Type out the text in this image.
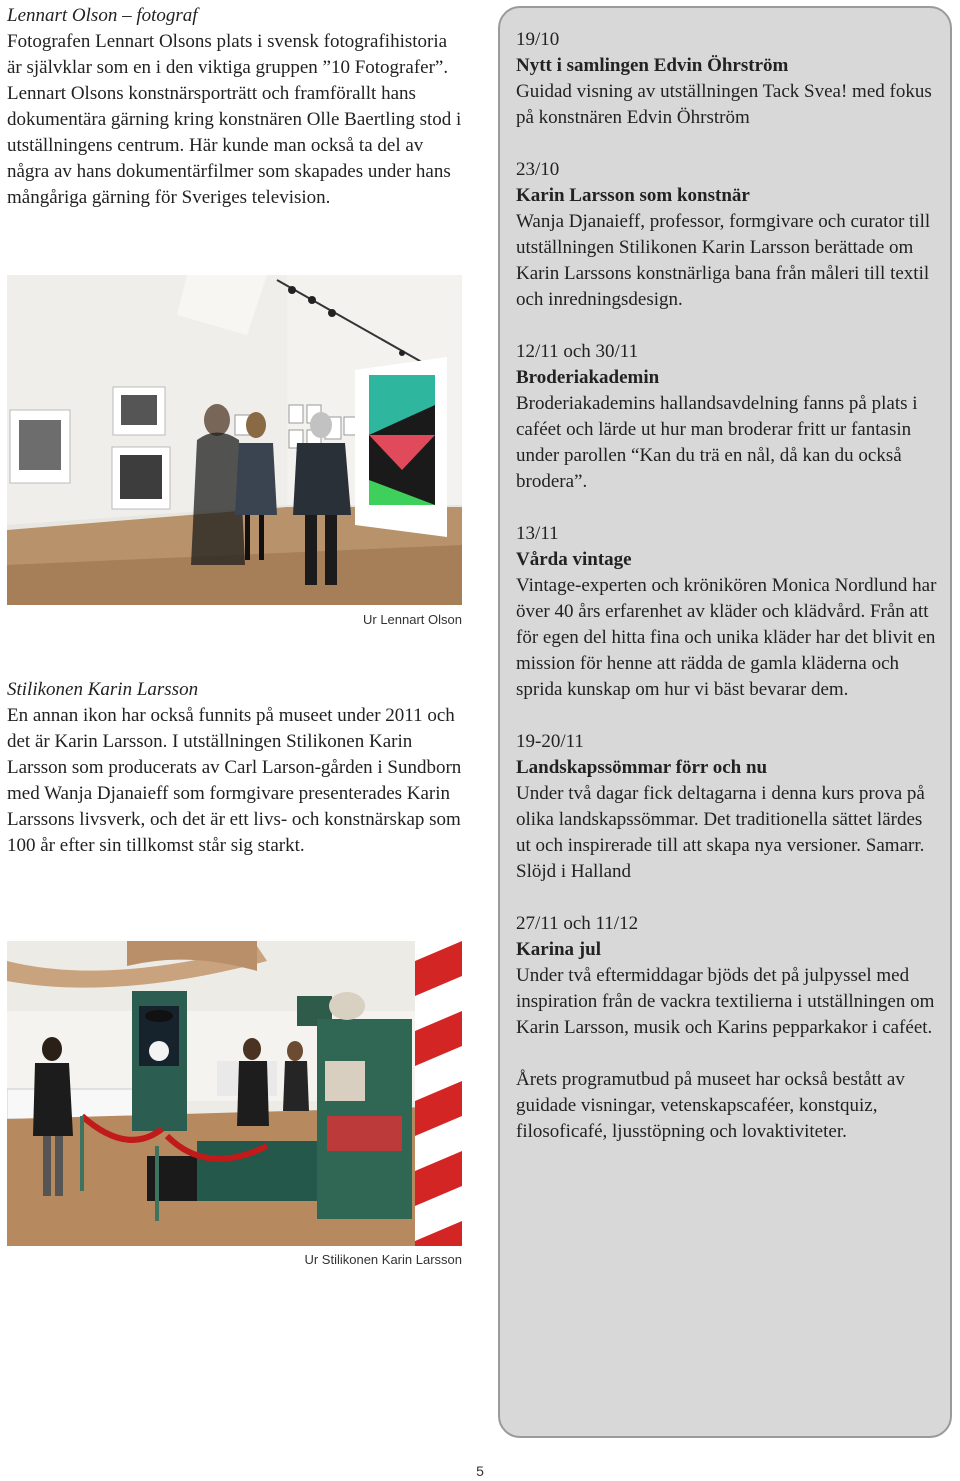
Lennart Olson – fotograf

Fotografen Lennart Olsons plats i svensk fotografihistoria är självklar som en i den viktiga gruppen ”10 Fotografer”. Lennart Olsons konstnärsporträtt och framförallt hans dokumentära gärning kring konstnären Olle Baertling stod i utställningens centrum. Här kunde man också ta del av några av hans dokumentärfilmer som skapades under hans mångåriga gärning för Sveriges television.

Ur Lennart Olson

Stilikonen Karin Larsson

En annan ikon har också funnits på museet under 2011 och det är Karin Larsson. I utställningen Stilikonen Karin Larsson som producerats av Carl Larson-gården i Sundborn med Wanja Djanaieff som formgivare presenterades Karin Larssons livsverk, och det är ett livs- och konstnärskap som 100 år efter sin tillkomst står sig starkt.

Ur Stilikonen Karin Larsson
19/10
Nytt i samlingen Edvin Öhrström
Guidad visning av utställningen Tack Svea! med fokus på konstnären Edvin Öhrström
23/10
Karin Larsson som konstnär
Wanja Djanaieff, professor, formgivare och curator till utställningen Stilikonen Karin Larsson berättade om Karin Larssons konstnärliga bana från måleri till textil och inredningsdesign.
12/11 och 30/11
Broderiakademin
Broderiakademins hallandsavdelning fanns på plats i caféet och lärde ut hur man broderar fritt ur fantasin under parollen “Kan du trä en nål, då kan du också brodera”.
13/11
Vårda vintage
Vintage-experten och krönikören Monica Nordlund har över 40 års erfarenhet av kläder och klädvård. Från att för egen del hitta fina och unika kläder har det blivit en mission för henne att rädda de gamla kläderna och sprida kunskap om hur vi bäst bevarar dem.
19-20/11
Landskapssömmar förr och nu
Under två dagar fick deltagarna i denna kurs prova på olika landskapssömmar. Det traditionella sättet lärdes ut och inspirerade till att skapa nya versioner. Samarr. Slöjd i Halland
27/11 och 11/12
Karina jul
Under två eftermiddagar bjöds det på julpyssel med inspiration från de vackra textilierna i utställningen om Karin Larsson, musik och Karins pepparkakor i caféet.

Årets programutbud på museet har också bestått av guidade visningar, vetenskapscaféer, konstquiz, filosoficafé, ljusstöpning och lovaktiviteter.

5
